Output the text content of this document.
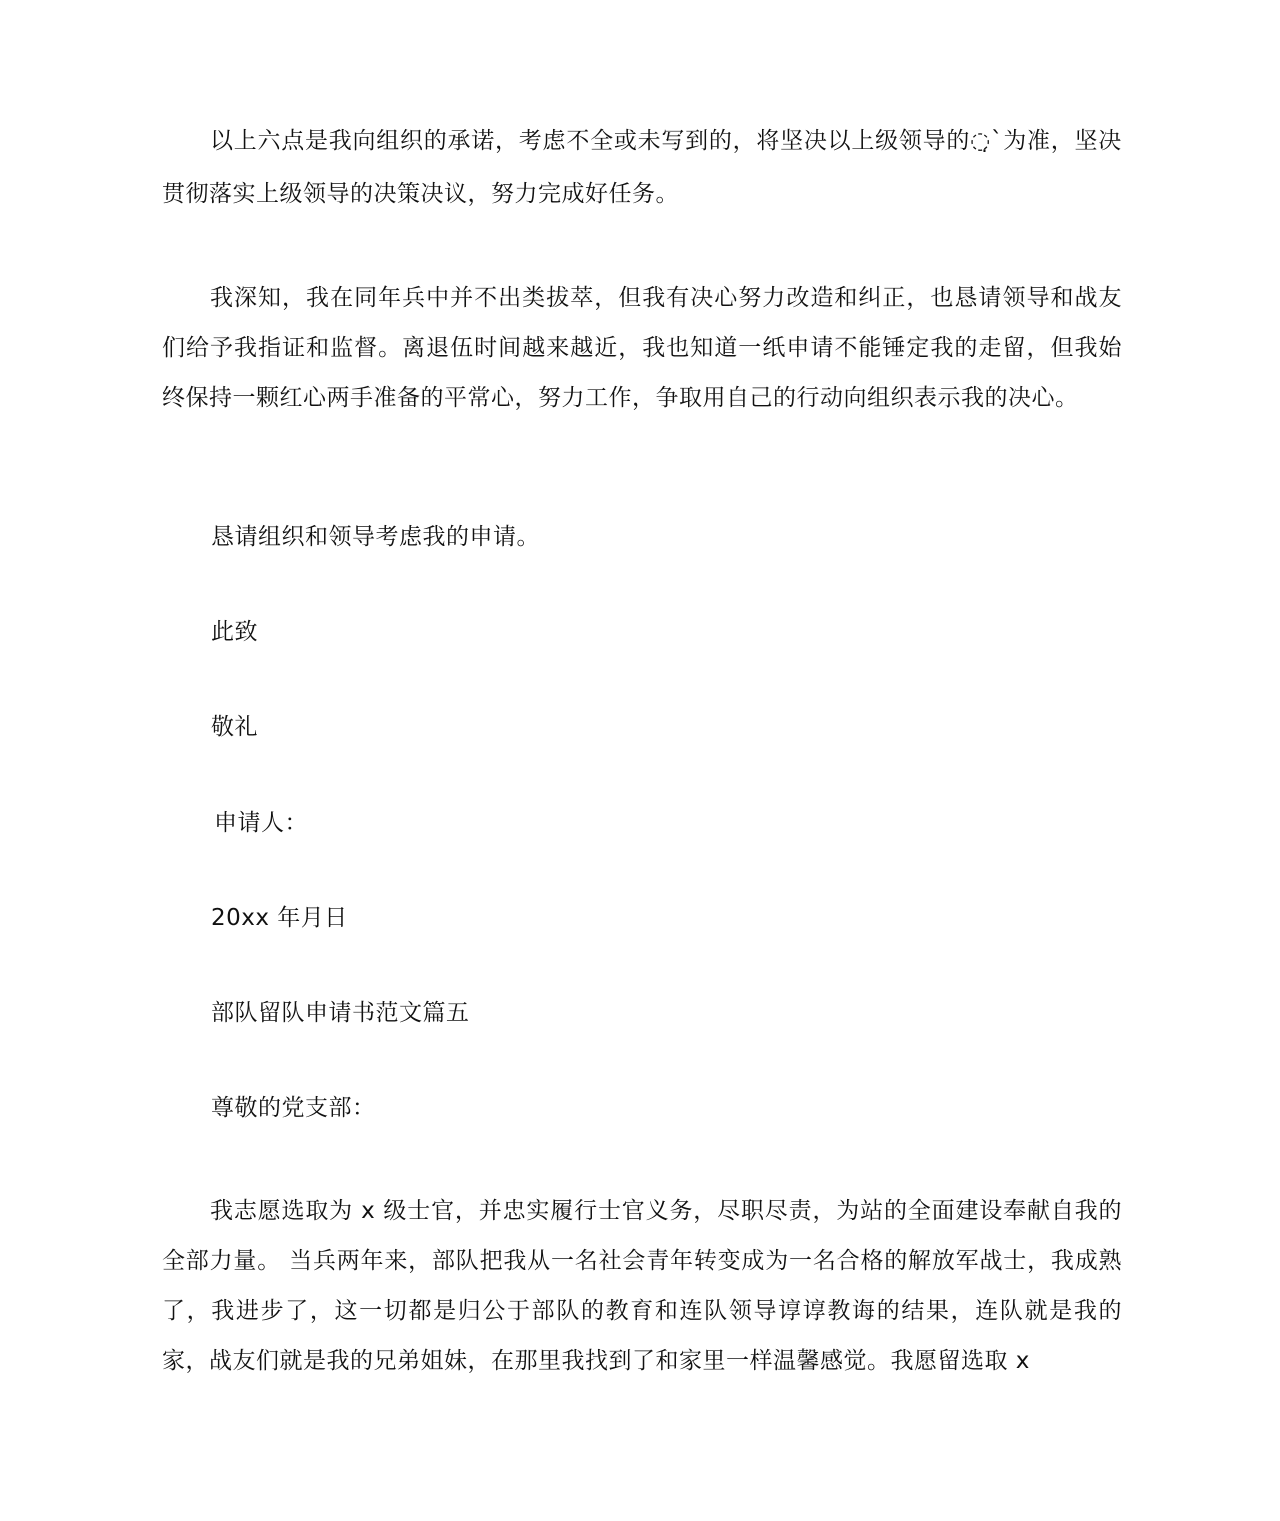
以上六点是我向组织的承诺，考虑不全或未写到的，将坚决以上级领导的◌̣ˋ为准，坚决贯彻落实上级领导的决策决议，努力完成好任务。

我深知，我在同年兵中并不出类拔萃，但我有决心努力改造和纠正，也恳请领导和战友们给予我指证和监督。离退伍时间越来越近，我也知道一纸申请不能锤定我的走留，但我始终保持一颗红心两手准备的平常心，努力工作，争取用自己的行动向组织表示我的决心。

恳请组织和领导考虑我的申请。

此致

敬礼

申请人：

20xx 年月日

部队留队申请书范文篇五

尊敬的党支部：

我志愿选取为 x 级士官，并忠实履行士官义务，尽职尽责，为站的全面建设奉献自我的全部力量。 当兵两年来，部队把我从一名社会青年转变成为一名合格的解放军战士，我成熟了，我进步了，这一切都是归公于部队的教育和连队领导谆谆教诲的结果，连队就是我的家，战友们就是我的兄弟姐妹，在那里我找到了和家里一样温馨感觉。我愿留选取 x
